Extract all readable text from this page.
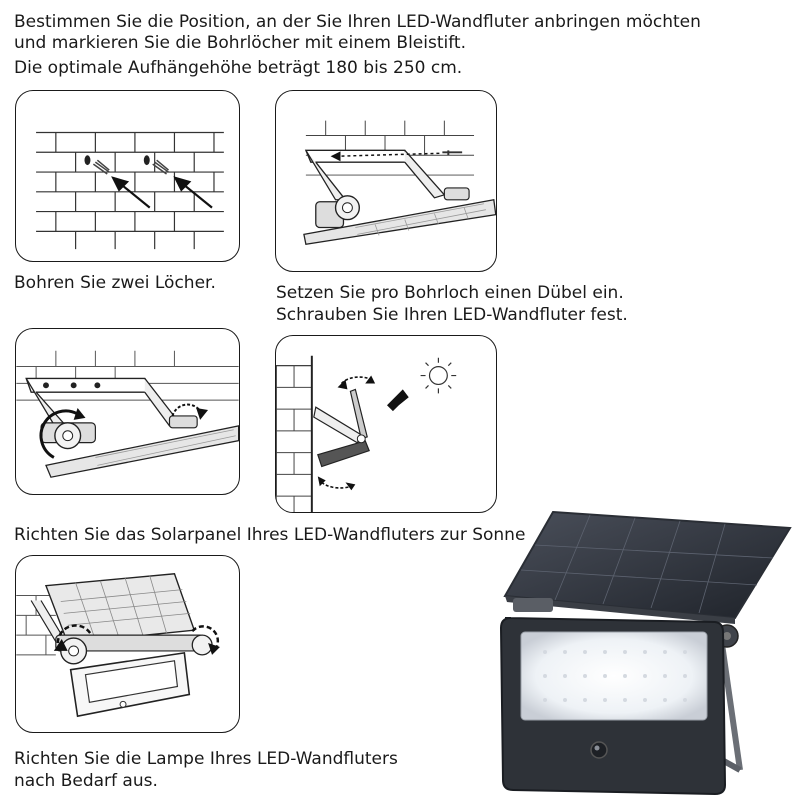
Bestimmen Sie die Position, an der Sie Ihren LED-Wandfluter anbringen möchten
und markieren Sie die Bohrlöcher mit einem Bleistift.
Die optimale Aufhängehöhe beträgt 180 bis 250 cm.
Bohren Sie zwei Löcher.	Setzen Sie pro Bohrloch einen Dübel ein.
Schrauben Sie Ihren LED-Wandfluter fest.
Richten Sie das Solarpanel Ihres LED-Wandfluters zur Sonne
Richten Sie die Lampe Ihres LED-Wandfluters
nach Bedarf aus.
